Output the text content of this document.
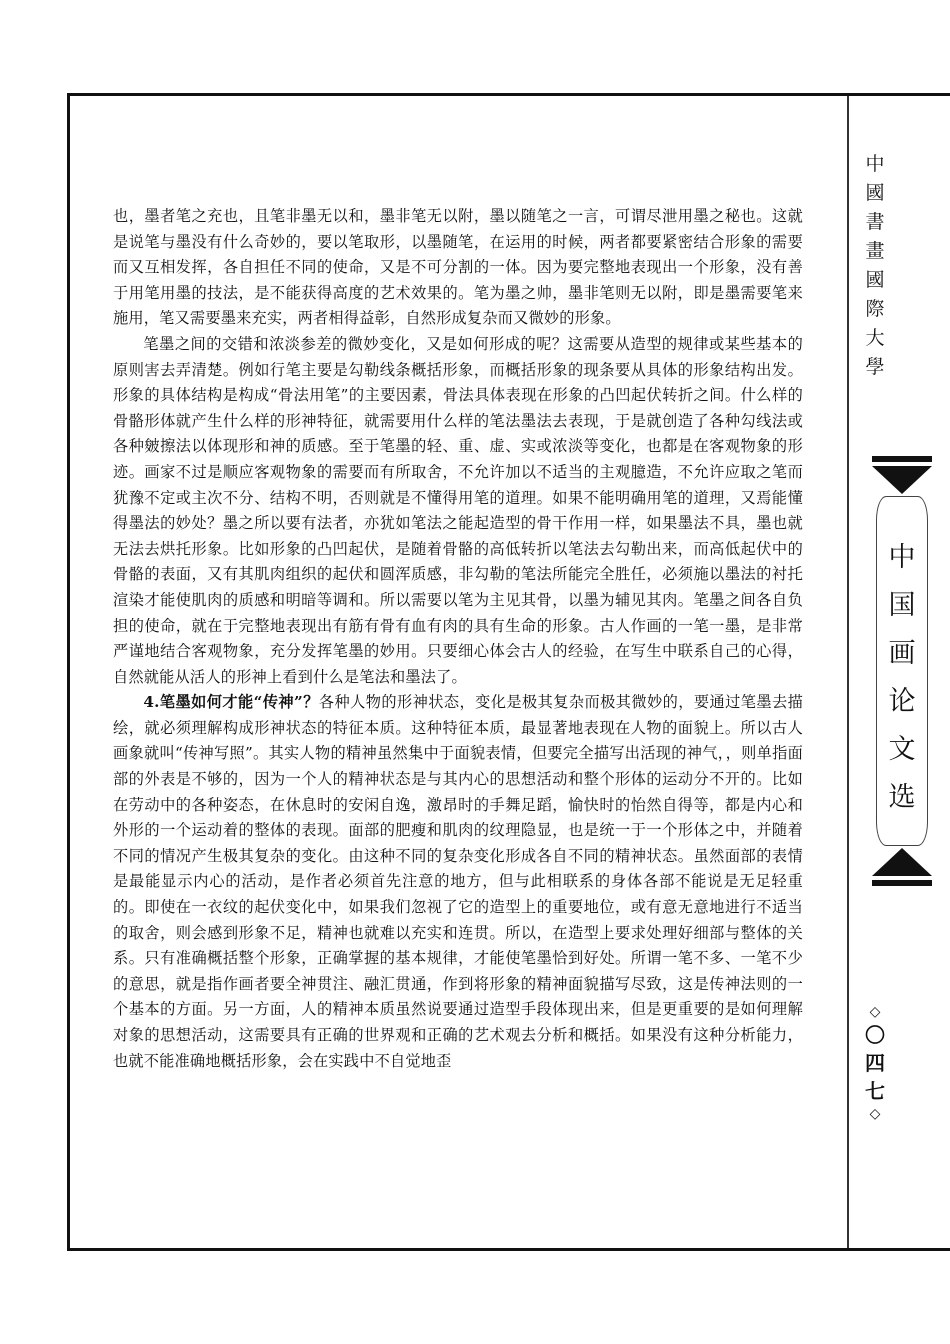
也，墨者笔之充也，且笔非墨无以和，墨非笔无以附，墨以随笔之一言，可谓尽泄用墨之秘也。这就是说笔与墨没有什么奇妙的，要以笔取形，以墨随笔，在运用的时候，两者都要紧密结合形象的需要而又互相发挥，各自担任不同的使命，又是不可分割的一体。因为要完整地表现出一个形象，没有善于用笔用墨的技法，是不能获得高度的艺术效果的。笔为墨之帅，墨非笔则无以附，即是墨需要笔来施用，笔又需要墨来充实，两者相得益彰，自然形成复杂而又微妙的形象。

笔墨之间的交错和浓淡参差的微妙变化，又是如何形成的呢？这需要从造型的规律或某些基本的原则害去弄清楚。例如行笔主要是勾勒线条概括形象，而概括形象的现条要从具体的形象结构出发。形象的具体结构是构成“骨法用笔”的主要因素，骨法具体表现在形象的凸凹起伏转折之间。什么样的骨骼形体就产生什么样的形神特征，就需要用什么样的笔法墨法去表现，于是就创造了各种勾线法或各种皴擦法以体现形和神的质感。至于笔墨的轻、重、虚、实或浓淡等变化，也都是在客观物象的形迹。画家不过是顺应客观物象的需要而有所取舍，不允许加以不适当的主观臆造，不允许应取之笔而犹豫不定或主次不分、结构不明，否则就是不懂得用笔的道理。如果不能明确用笔的道理，又焉能懂得墨法的妙处？墨之所以要有法者，亦犹如笔法之能起造型的骨干作用一样，如果墨法不具，墨也就无法去烘托形象。比如形象的凸凹起伏，是随着骨骼的高低转折以笔法去勾勒出来，而高低起伏中的骨骼的表面，又有其肌肉组织的起伏和圆浑质感，非勾勒的笔法所能完全胜任，必须施以墨法的衬托渲染才能使肌肉的质感和明暗等调和。所以需要以笔为主见其骨，以墨为辅见其肉。笔墨之间各自负担的使命，就在于完整地表现出有筋有骨有血有肉的具有生命的形象。古人作画的一笔一墨，是非常严谨地结合客观物象，充分发挥笔墨的妙用。只要细心体会古人的经验，在写生中联系自己的心得，自然就能从活人的形神上看到什么是笔法和墨法了。

4.笔墨如何才能“传神”？各种人物的形神状态，变化是极其复杂而极其微妙的，要通过笔墨去描绘，就必须理解构成形神状态的特征本质。这种特征本质，最显著地表现在人物的面貌上。所以古人画象就叫“传神写照”。其实人物的精神虽然集中于面貌表情，但要完全描写出活现的神气，，则单指面部的外表是不够的，因为一个人的精神状态是与其内心的思想活动和整个形体的运动分不开的。比如在劳动中的各种姿态，在休息时的安闲自逸，激昂时的手舞足蹈，愉快时的怡然自得等，都是内心和外形的一个运动着的整体的表现。面部的肥瘦和肌肉的纹理隐显，也是统一于一个形体之中，并随着不同的情况产生极其复杂的变化。由这种不同的复杂变化形成各自不同的精神状态。虽然面部的表情是最能显示内心的活动，是作者必须首先注意的地方，但与此相联系的身体各部不能说是无足轻重的。即使在一衣纹的起伏变化中，如果我们忽视了它的造型上的重要地位，或有意无意地进行不适当的取舍，则会感到形象不足，精神也就难以充实和连贯。所以，在造型上要求处理好细部与整体的关系。只有准确概括整个形象，正确掌握的基本规律，才能使笔墨恰到好处。所谓一笔不多、一笔不少的意思，就是指作画者要全神贯注、融汇贯通，作到将形象的精神面貌描写尽致，这是传神法则的一个基本的方面。另一方面，人的精神本质虽然说要通过造型手段体现出来，但是更重要的是如何理解对象的思想活动，这需要具有正确的世界观和正确的艺术观去分析和概括。如果没有这种分析能力，也就不能准确地概括形象，会在实践中不自觉地歪

中
國
書
畫
國
際
大
學
中
国
画
论
文
选
◇
〇
四
七
◇
